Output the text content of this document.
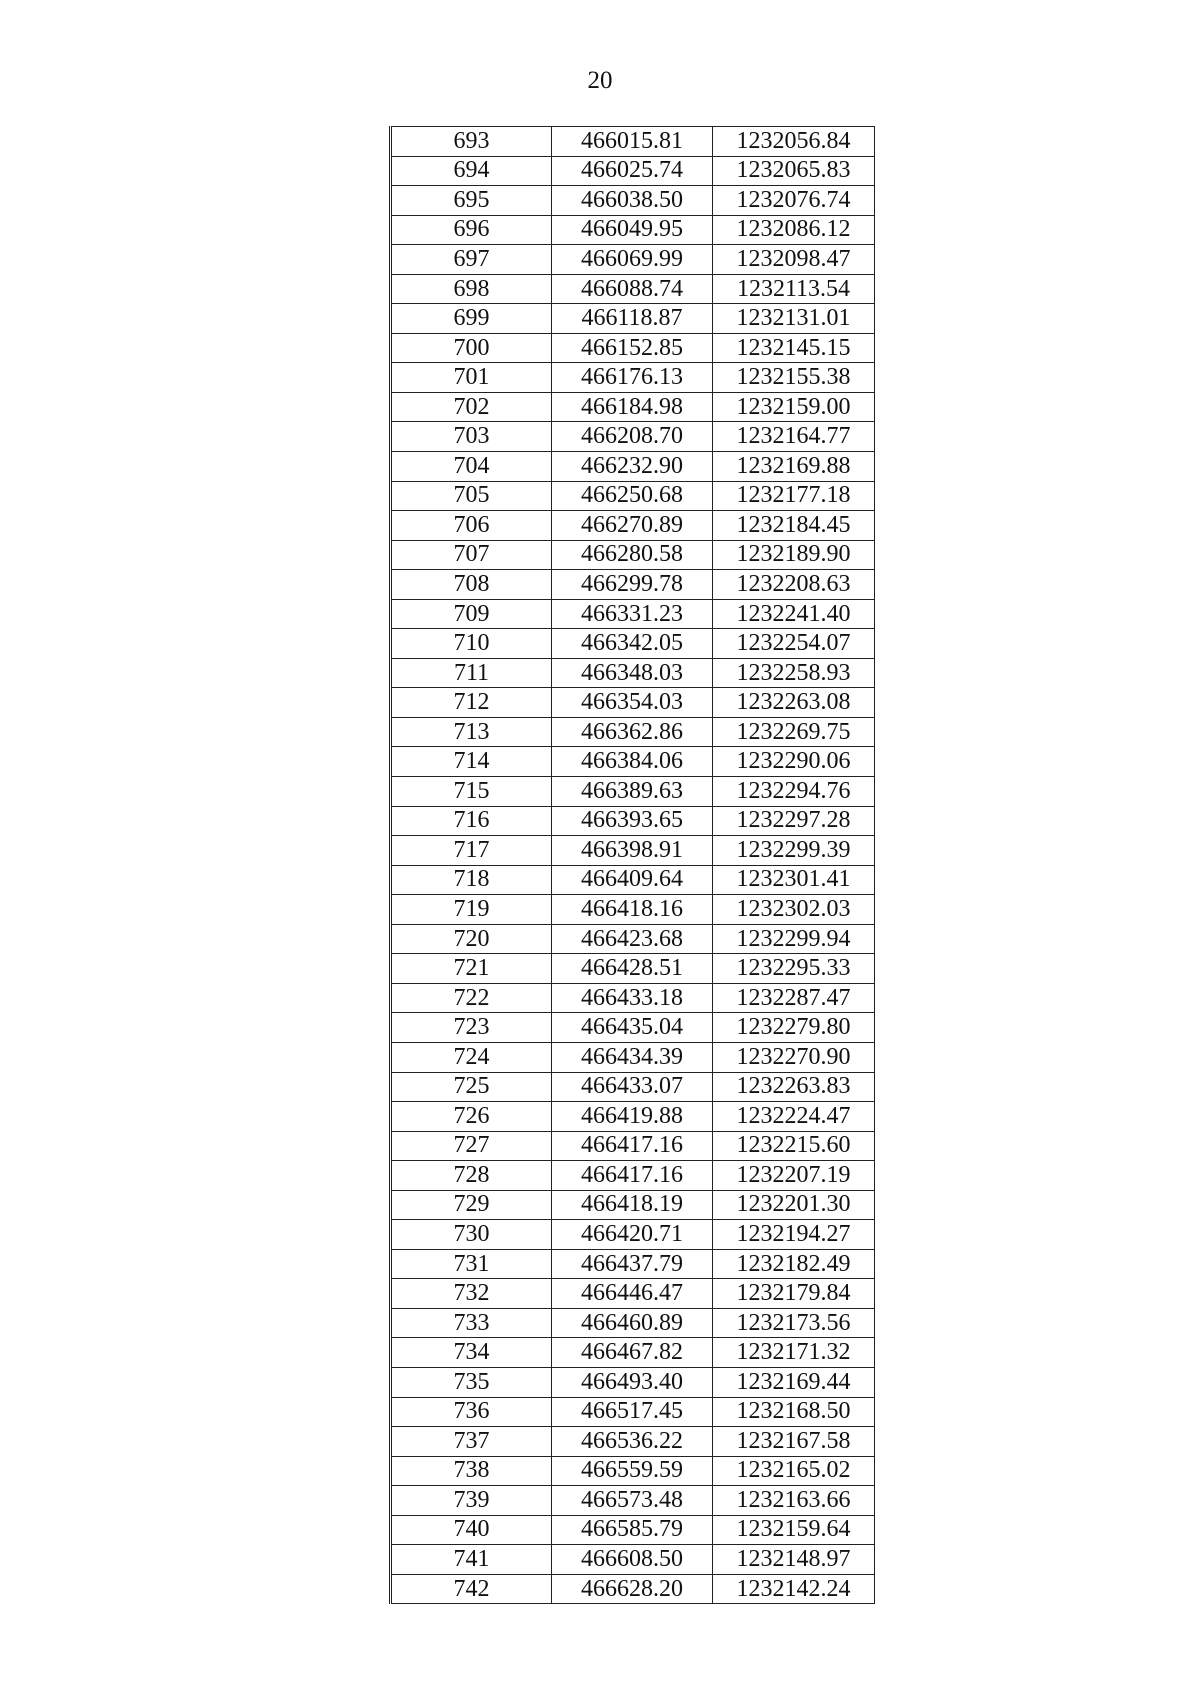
20
693	466015.81	1232056.84
694	466025.74	1232065.83
695	466038.50	1232076.74
696	466049.95	1232086.12
697	466069.99	1232098.47
698	466088.74	1232113.54
699	466118.87	1232131.01
700	466152.85	1232145.15
701	466176.13	1232155.38
702	466184.98	1232159.00
703	466208.70	1232164.77
704	466232.90	1232169.88
705	466250.68	1232177.18
706	466270.89	1232184.45
707	466280.58	1232189.90
708	466299.78	1232208.63
709	466331.23	1232241.40
710	466342.05	1232254.07
711	466348.03	1232258.93
712	466354.03	1232263.08
713	466362.86	1232269.75
714	466384.06	1232290.06
715	466389.63	1232294.76
716	466393.65	1232297.28
717	466398.91	1232299.39
718	466409.64	1232301.41
719	466418.16	1232302.03
720	466423.68	1232299.94
721	466428.51	1232295.33
722	466433.18	1232287.47
723	466435.04	1232279.80
724	466434.39	1232270.90
725	466433.07	1232263.83
726	466419.88	1232224.47
727	466417.16	1232215.60
728	466417.16	1232207.19
729	466418.19	1232201.30
730	466420.71	1232194.27
731	466437.79	1232182.49
732	466446.47	1232179.84
733	466460.89	1232173.56
734	466467.82	1232171.32
735	466493.40	1232169.44
736	466517.45	1232168.50
737	466536.22	1232167.58
738	466559.59	1232165.02
739	466573.48	1232163.66
740	466585.79	1232159.64
741	466608.50	1232148.97
742	466628.20	1232142.24
